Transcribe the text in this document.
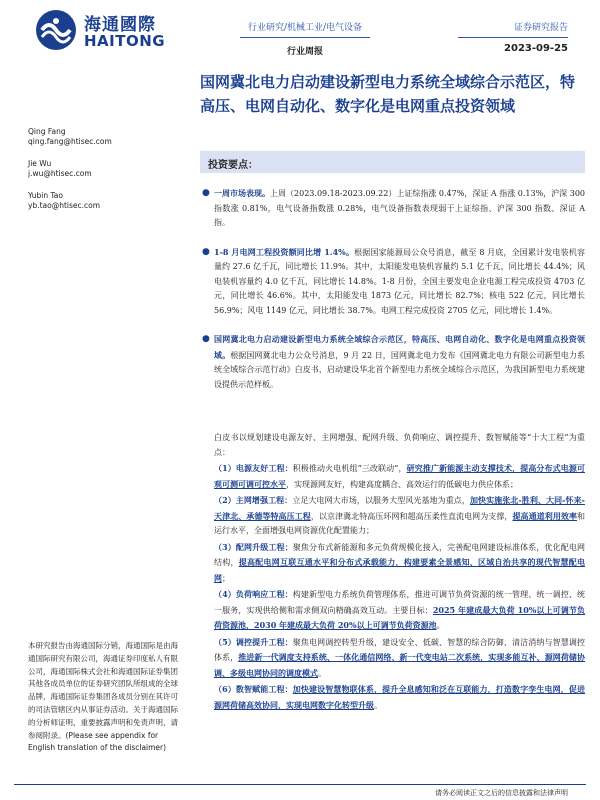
海通國際
HAITONG
行业研究/机械工业/电气设备
行业周报
证券研究报告
2023-09-25
国网冀北电力启动建设新型电力系统全域综合示范区，特高压、电网自动化、数字化是电网重点投资领域
Qing Fang
qing.fang@htisec.com
Jie Wu
j.wu@htisec.com
Yubin Tao
yb.tao@htisec.com
投资要点：
● 一周市场表现。上周（2023.09.18-2023.09.22）上证综指涨 0.47%，深证 A 指涨 0.13%，沪深 300 指数涨 0.81%，电气设备指数涨 0.28%，电气设备指数表现弱于上证综指、沪深 300 指数、深证 A 指。
● 1-8 月电网工程投资额同比增 1.4%。根据国家能源局公众号消息，截至 8 月底，全国累计发电装机容量约 27.6 亿千瓦，同比增长 11.9%。其中，太阳能发电装机容量约 5.1 亿千瓦，同比增长 44.4%；风电装机容量约 4.0 亿千瓦，同比增长 14.8%。1-8 月份，全国主要发电企业电源工程完成投资 4703 亿元，同比增长 46.6%。其中，太阳能发电 1873 亿元，同比增长 82.7%；核电 522 亿元，同比增长 56.9%；风电 1149 亿元，同比增长 38.7%。电网工程完成投资 2705 亿元，同比增长 1.4%。
● 国网冀北电力启动建设新型电力系统全域综合示范区，特高压、电网自动化、数字化是电网重点投资领域。根据国网冀北电力公众号消息，9 月 22 日，国网冀北电力发布《国网冀北电力有限公司新型电力系统全域综合示范行动》白皮书，启动建设华北首个新型电力系统全域综合示范区，为我国新型电力系统建设提供示范样板。
白皮书以规划建设电源友好、主网增强、配网升级、负荷响应、调控提升、数智赋能等“十大工程”为重点：
（1）电源友好工程：积极推动火电机组“三改联动”，研究推广新能源主动支撑技术，提高分布式电源可观可测可调可控水平，实现源网友好，构建高度耦合、高效运行的低碳电力供应体系；
（2）主网增强工程：立足大电网大市场，以服务大型风光基地为重点，加快实施张北-胜利、大同-怀来-天津北、承德等特高压工程，以京津冀北特高压环网和超高压柔性直流电网为支撑，提高通道利用效率和运行水平，全面增强电网资源优化配置能力；
（3）配网升级工程：聚焦分布式新能源和多元负荷规模化接入，完善配电网建设标准体系，优化配电网结构，提高配电网互联互通水平和分布式承载能力，构建要素全景感知、区域自治共享的现代智慧配电网；
（4）负荷响应工程：构建新型电力系统负荷管理体系，推进可调节负荷资源的统一管理、统一调控、统一服务，实现供给侧和需求侧双向精确高效互动。主要目标：2025 年建成最大负荷 10%以上可调节负荷资源池，2030 年建成最大负荷 20%以上可调节负荷资源池。
（5）调控提升工程：聚焦电网调控转型升级，建设安全、低碳、智慧的综合防御、清洁消纳与智慧调控体系，推进新一代调度支持系统、一体化通信网络、新一代变电站二次系统，实现多能互补、源网荷储协调、多级电网协同的调度模式。
（6）数智赋能工程：加快建设智慧物联体系，提升全息感知和泛在互联能力，打造数字孪生电网，促进源网荷储高效协同，实现电网数字化转型升级。
本研究报告由海通国际分销，海通国际是由海通国际研究有限公司，海通证券印度私人有限公司，海通国际株式会社和海通国际证券集团其他各成员单位的证券研究团队所组成的全球品牌，海通国际证券集团各成员分别在其许可的司法管辖区内从事证券活动。关于海通国际的分析师证明，重要披露声明和免责声明，请参阅附录。(Please see appendix for English translation of the disclaimer)
请务必阅读正文之后的信息披露和法律声明
